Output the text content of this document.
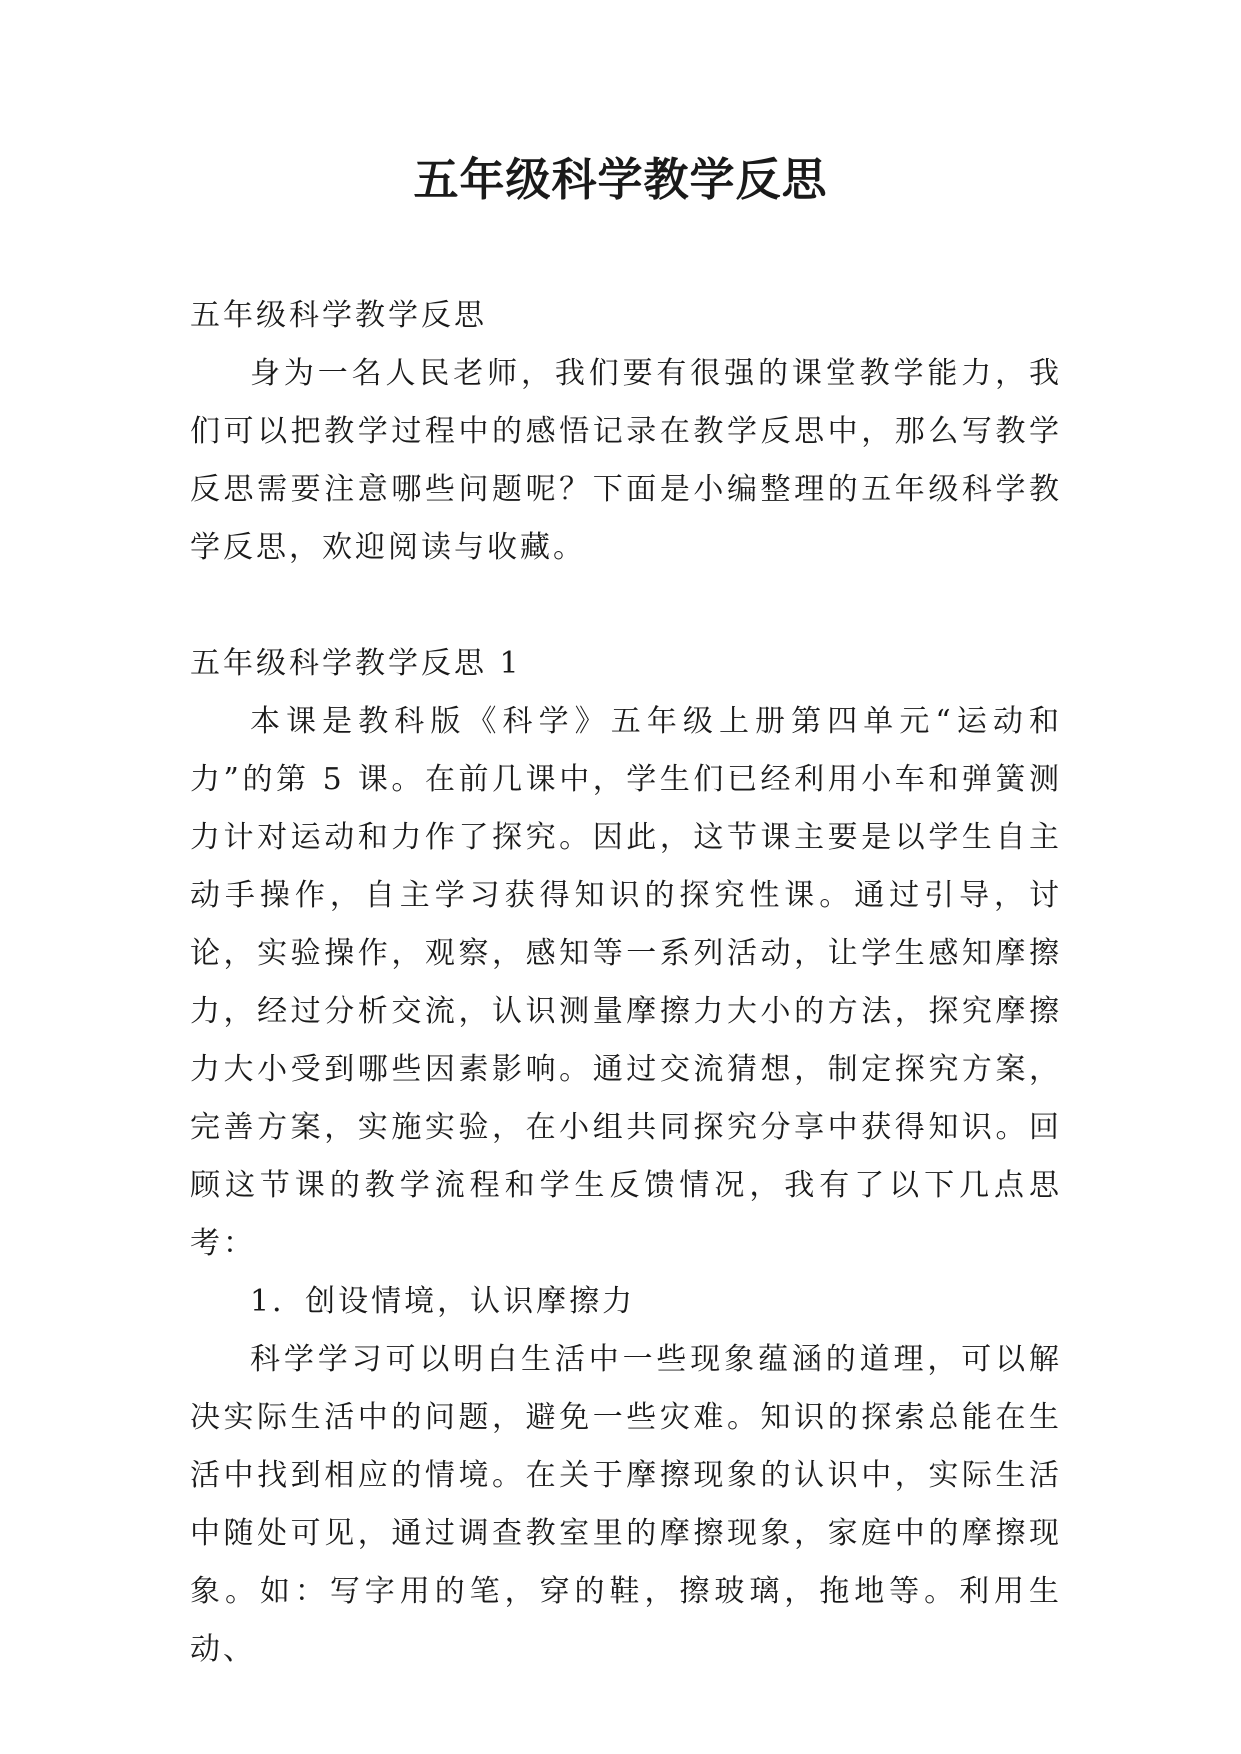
五年级科学教学反思

五年级科学教学反思

身为一名人民老师，我们要有很强的课堂教学能力，我们可以把教学过程中的感悟记录在教学反思中，那么写教学反思需要注意哪些问题呢？下面是小编整理的五年级科学教学反思，欢迎阅读与收藏。

五年级科学教学反思 1

本课是教科版《科学》五年级上册第四单元“运动和力”的第 5 课。在前几课中，学生们已经利用小车和弹簧测力计对运动和力作了探究。因此，这节课主要是以学生自主动手操作，自主学习获得知识的探究性课。通过引导，讨论，实验操作，观察，感知等一系列活动，让学生感知摩擦力，经过分析交流，认识测量摩擦力大小的方法，探究摩擦力大小受到哪些因素影响。通过交流猜想，制定探究方案，完善方案，实施实验，在小组共同探究分享中获得知识。回顾这节课的教学流程和学生反馈情况，我有了以下几点思考：

1．创设情境，认识摩擦力

科学学习可以明白生活中一些现象蕴涵的道理，可以解决实际生活中的问题，避免一些灾难。知识的探索总能在生活中找到相应的情境。在关于摩擦现象的认识中，实际生活中随处可见，通过调查教室里的摩擦现象，家庭中的摩擦现象。如：写字用的笔，穿的鞋，擦玻璃，拖地等。利用生动、
